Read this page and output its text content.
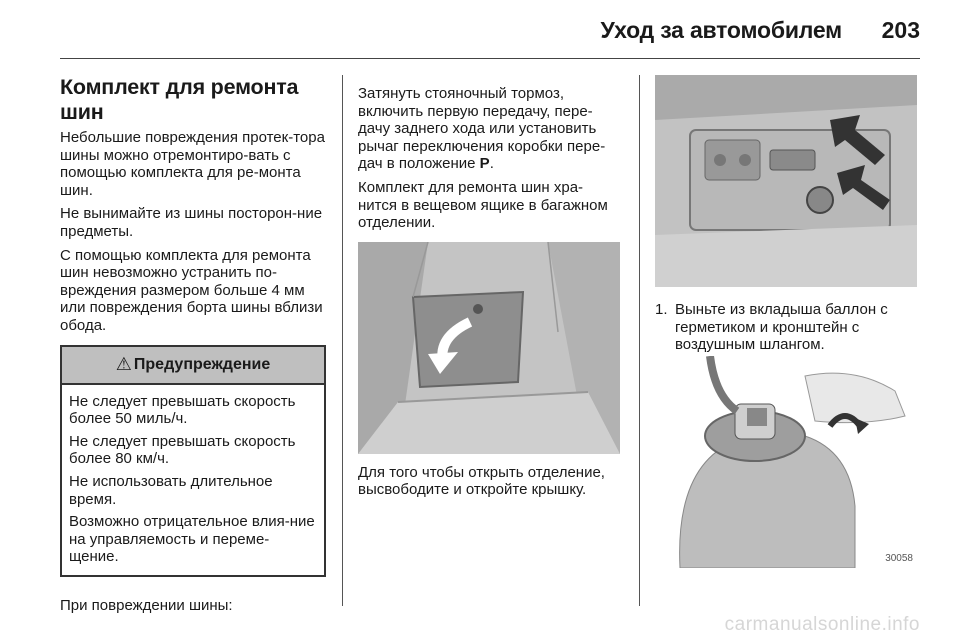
Уход за автомобилем 203
Комплект для ремонта
шин

Небольшие повреждения протек-тора шины можно отремонтиро-вать с помощью комплекта для ре-монта шин.

Не вынимайте из шины посторон-ние предметы.

С помощью комплекта для ремонта шин невозможно устранить по-вреждения размером больше 4 мм или повреждения борта шины вблизи обода.

⚠ Предупреждение

Не следует превышать скорость более 50 миль/ч.

Не следует превышать скорость более 80 км/ч.

Не использовать длительное время.

Возможно отрицательное влия-ние на управляемость и переме-щение.

При повреждении шины:

Затянуть стояночный тормоз, включить первую передачу, пере-дачу заднего хода или установить рычаг переключения коробки пере-дач в положение P.

Комплект для ремонта шин хра-нится в вещевом ящике в багажном отделении.

Для того чтобы открыть отделение, высвободите и откройте крышку.

1. Выньте из вкладыша баллон с герметиком и кронштейн с воздушным шлангом.
30058
carmanualsonline.info
